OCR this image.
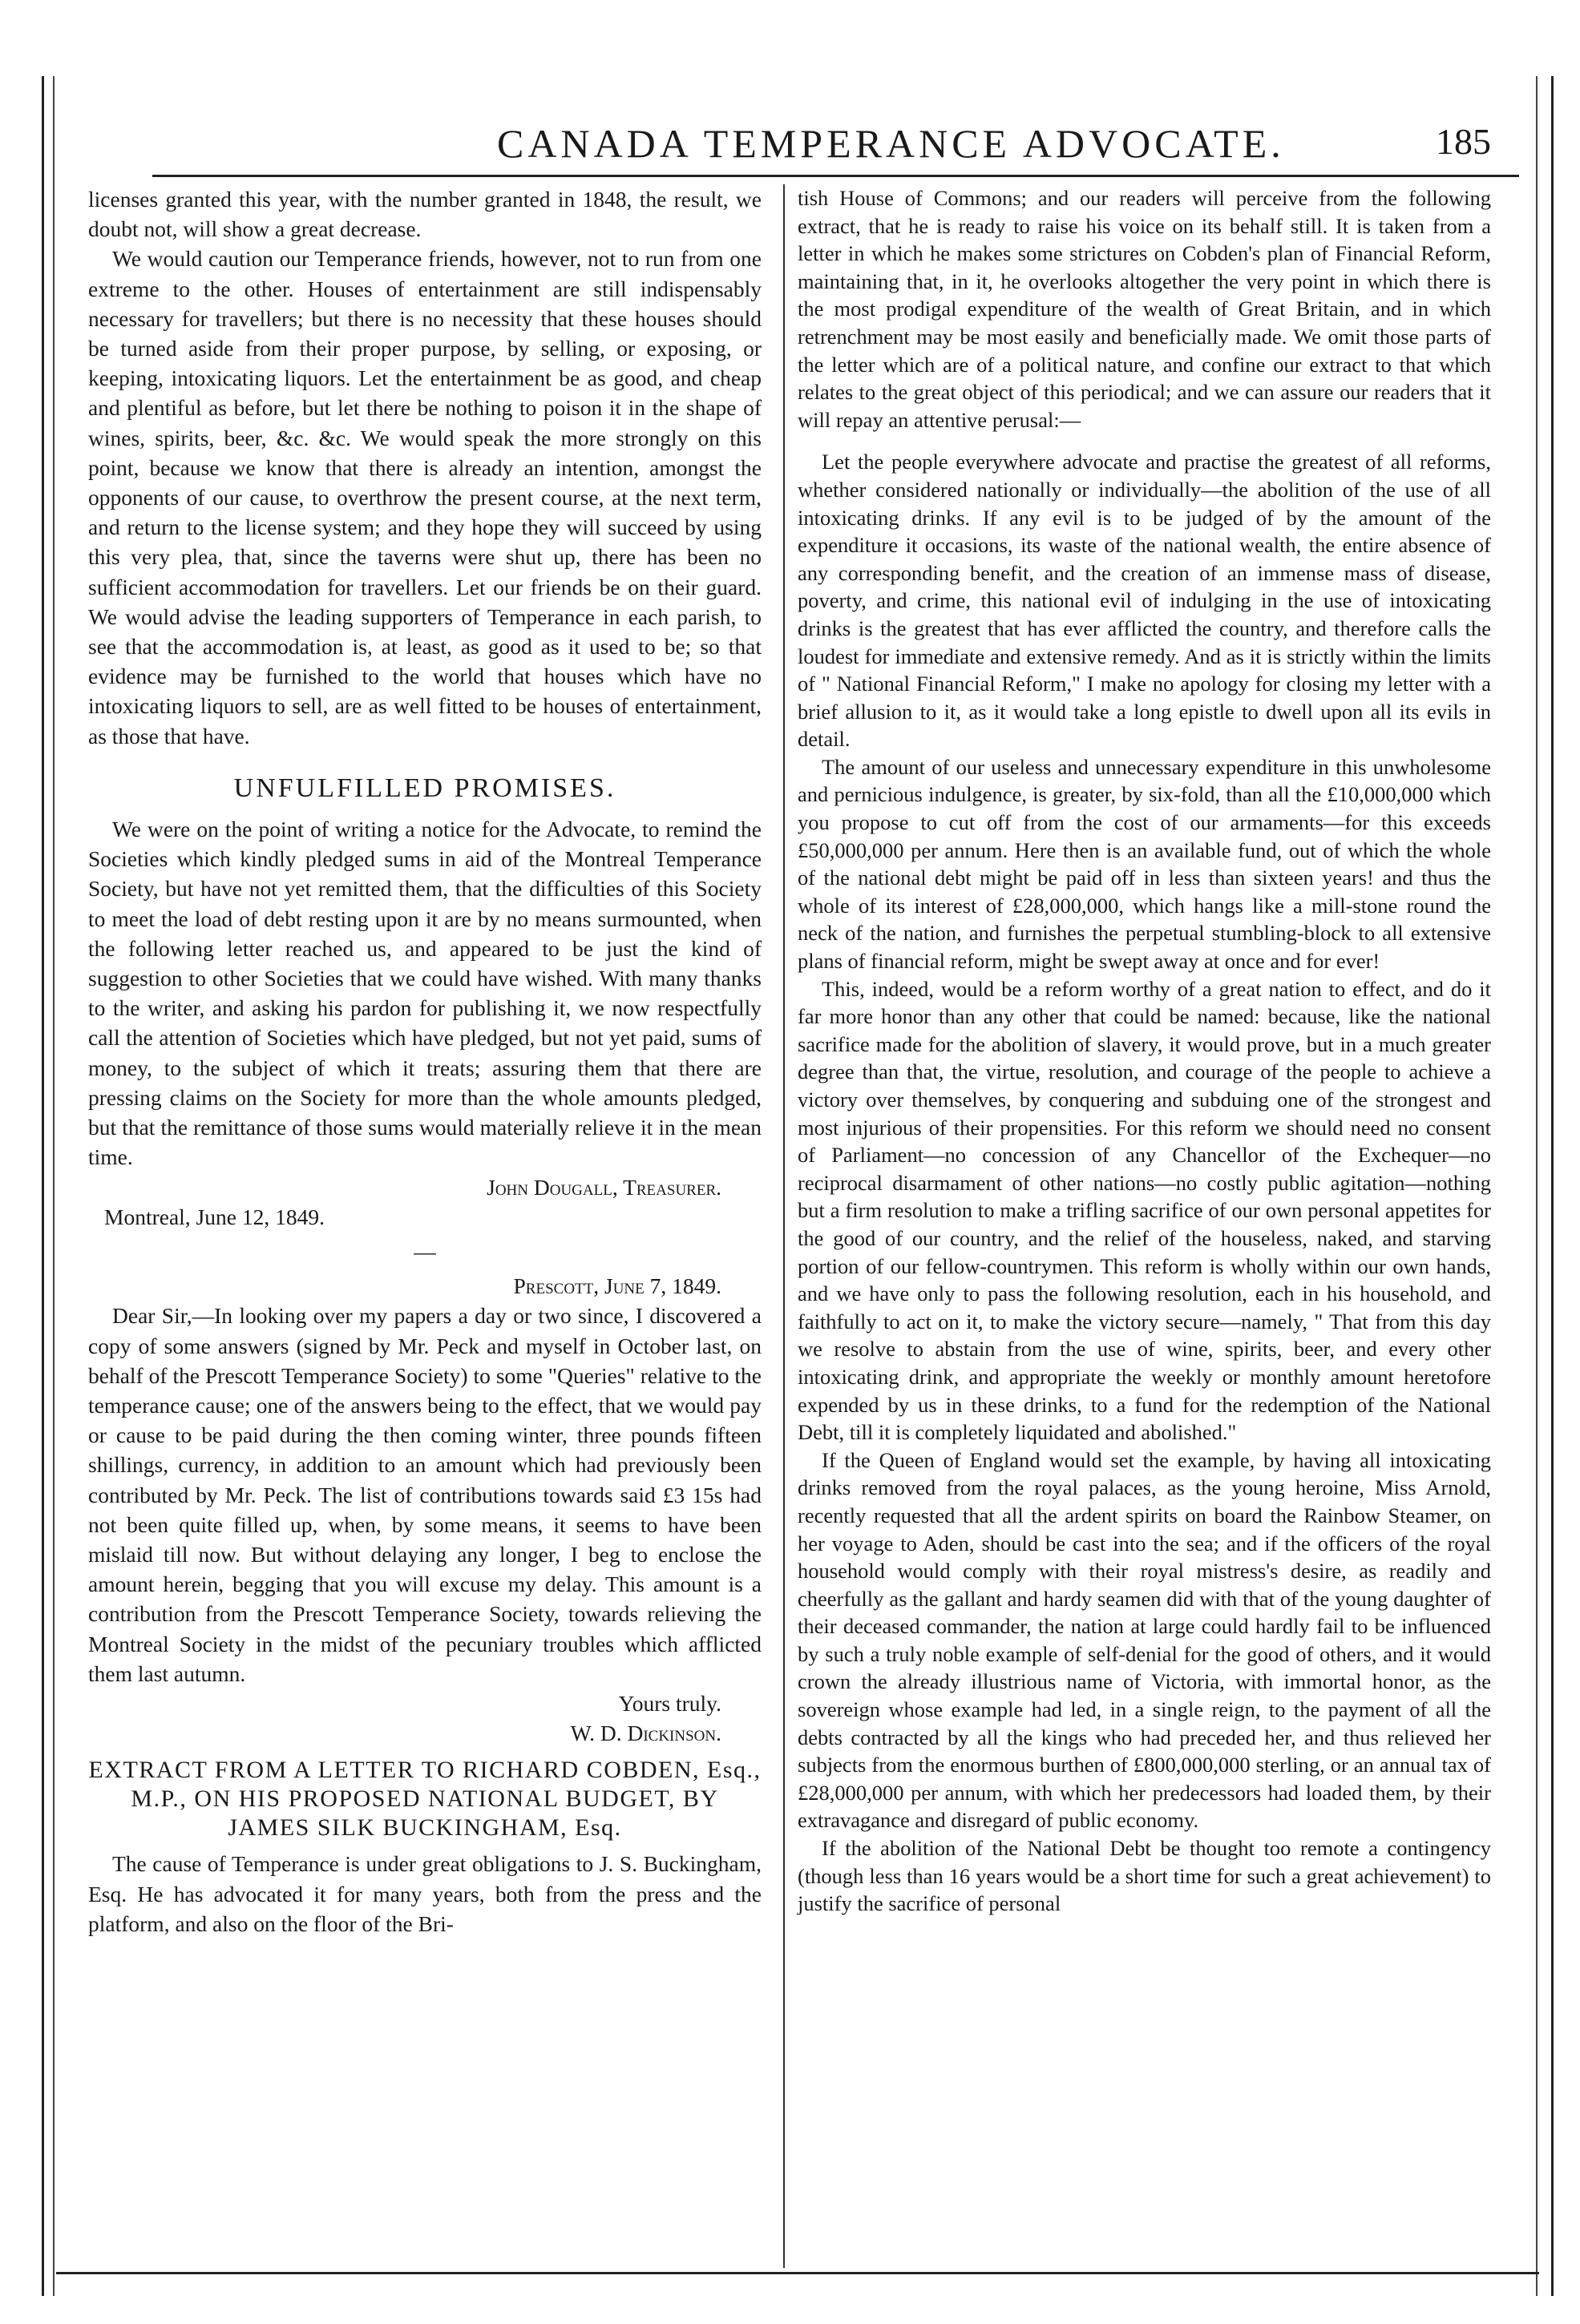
CANADA TEMPERANCE ADVOCATE.	185

licenses granted this year, with the number granted in 1848, the result, we doubt not, will show a great decrease.

We would caution our Temperance friends, however, not to run from one extreme to the other. Houses of entertainment are still indispensably necessary for travellers; but there is no necessity that these houses should be turned aside from their proper purpose, by selling, or exposing, or keeping, intoxicating liquors. Let the entertainment be as good, and cheap and plentiful as before, but let there be nothing to poison it in the shape of wines, spirits, beer, &c. &c. We would speak the more strongly on this point, because we know that there is already an intention, amongst the opponents of our cause, to overthrow the present course, at the next term, and return to the license system; and they hope they will succeed by using this very plea, that, since the taverns were shut up, there has been no sufficient accommodation for travellers. Let our friends be on their guard. We would advise the leading supporters of Temperance in each parish, to see that the accommodation is, at least, as good as it used to be; so that evidence may be furnished to the world that houses which have no intoxicating liquors to sell, are as well fitted to be houses of entertainment, as those that have.

UNFULFILLED PROMISES.

We were on the point of writing a notice for the Advocate, to remind the Societies which kindly pledged sums in aid of the Montreal Temperance Society, but have not yet remitted them, that the difficulties of this Society to meet the load of debt resting upon it are by no means surmounted, when the following letter reached us, and appeared to be just the kind of suggestion to other Societies that we could have wished. With many thanks to the writer, and asking his pardon for publishing it, we now respectfully call the attention of Societies which have pledged, but not yet paid, sums of money, to the subject of which it treats; assuring them that there are pressing claims on the Society for more than the whole amounts pledged, but that the remittance of those sums would materially relieve it in the mean time.

John Dougall, Treasurer.

Montreal, June 12, 1849.

—

Prescott, June 7, 1849.

Dear Sir,—In looking over my papers a day or two since, I discovered a copy of some answers (signed by Mr. Peck and myself in October last, on behalf of the Prescott Temperance Society) to some "Queries" relative to the temperance cause; one of the answers being to the effect, that we would pay or cause to be paid during the then coming winter, three pounds fifteen shillings, currency, in addition to an amount which had previously been contributed by Mr. Peck. The list of contributions towards said £3 15s had not been quite filled up, when, by some means, it seems to have been mislaid till now. But without delaying any longer, I beg to enclose the amount herein, begging that you will excuse my delay. This amount is a contribution from the Prescott Temperance Society, towards relieving the Montreal Society in the midst of the pecuniary troubles which afflicted them last autumn.

Yours truly.

W. D. Dickinson.

EXTRACT FROM A LETTER TO RICHARD COBDEN, Esq., M.P., ON HIS PROPOSED NATIONAL BUDGET, BY JAMES SILK BUCKINGHAM, Esq.

The cause of Temperance is under great obligations to J. S. Buckingham, Esq. He has advocated it for many years, both from the press and the platform, and also on the floor of the Bri-

tish House of Commons; and our readers will perceive from the following extract, that he is ready to raise his voice on its behalf still. It is taken from a letter in which he makes some strictures on Cobden's plan of Financial Reform, maintaining that, in it, he overlooks altogether the very point in which there is the most prodigal expenditure of the wealth of Great Britain, and in which retrenchment may be most easily and beneficially made. We omit those parts of the letter which are of a political nature, and confine our extract to that which relates to the great object of this periodical; and we can assure our readers that it will repay an attentive perusal:—

Let the people everywhere advocate and practise the greatest of all reforms, whether considered nationally or individually—the abolition of the use of all intoxicating drinks. If any evil is to be judged of by the amount of the expenditure it occasions, its waste of the national wealth, the entire absence of any corresponding benefit, and the creation of an immense mass of disease, poverty, and crime, this national evil of indulging in the use of intoxicating drinks is the greatest that has ever afflicted the country, and therefore calls the loudest for immediate and extensive remedy. And as it is strictly within the limits of " National Financial Reform," I make no apology for closing my letter with a brief allusion to it, as it would take a long epistle to dwell upon all its evils in detail.

The amount of our useless and unnecessary expenditure in this unwholesome and pernicious indulgence, is greater, by six-fold, than all the £10,000,000 which you propose to cut off from the cost of our armaments—for this exceeds £50,000,000 per annum. Here then is an available fund, out of which the whole of the national debt might be paid off in less than sixteen years! and thus the whole of its interest of £28,000,000, which hangs like a mill-stone round the neck of the nation, and furnishes the perpetual stumbling-block to all extensive plans of financial reform, might be swept away at once and for ever!

This, indeed, would be a reform worthy of a great nation to effect, and do it far more honor than any other that could be named: because, like the national sacrifice made for the abolition of slavery, it would prove, but in a much greater degree than that, the virtue, resolution, and courage of the people to achieve a victory over themselves, by conquering and subduing one of the strongest and most injurious of their propensities. For this reform we should need no consent of Parliament—no concession of any Chancellor of the Exchequer—no reciprocal disarmament of other nations—no costly public agitation—nothing but a firm resolution to make a trifling sacrifice of our own personal appetites for the good of our country, and the relief of the houseless, naked, and starving portion of our fellow-countrymen. This reform is wholly within our own hands, and we have only to pass the following resolution, each in his household, and faithfully to act on it, to make the victory secure—namely, " That from this day we resolve to abstain from the use of wine, spirits, beer, and every other intoxicating drink, and appropriate the weekly or monthly amount heretofore expended by us in these drinks, to a fund for the redemption of the National Debt, till it is completely liquidated and abolished."

If the Queen of England would set the example, by having all intoxicating drinks removed from the royal palaces, as the young heroine, Miss Arnold, recently requested that all the ardent spirits on board the Rainbow Steamer, on her voyage to Aden, should be cast into the sea; and if the officers of the royal household would comply with their royal mistress's desire, as readily and cheerfully as the gallant and hardy seamen did with that of the young daughter of their deceased commander, the nation at large could hardly fail to be influenced by such a truly noble example of self-denial for the good of others, and it would crown the already illustrious name of Victoria, with immortal honor, as the sovereign whose example had led, in a single reign, to the payment of all the debts contracted by all the kings who had preceded her, and thus relieved her subjects from the enormous burthen of £800,000,000 sterling, or an annual tax of £28,000,000 per annum, with which her predecessors had loaded them, by their extravagance and disregard of public economy.

If the abolition of the National Debt be thought too remote a contingency (though less than 16 years would be a short time for such a great achievement) to justify the sacrifice of personal
